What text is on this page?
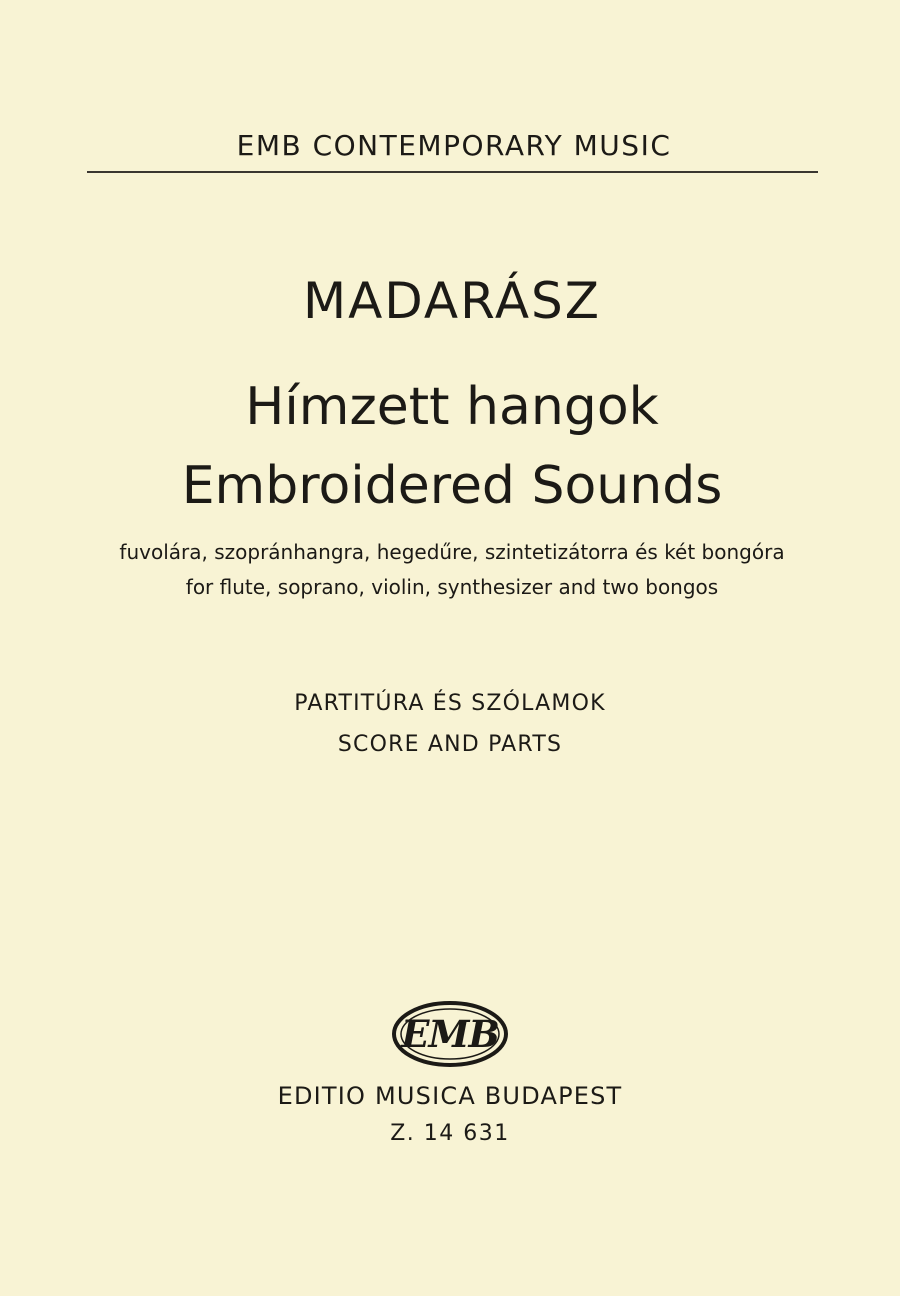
EMB CONTEMPORARY MUSIC
MADARÁSZ
Hímzett hangok
Embroidered Sounds
fuvolára, szopránhangra, hegedűre, szintetizátorra és két bongóra
for flute, soprano, violin, synthesizer and two bongos
PARTITÚRA ÉS SZÓLAMOK
SCORE AND PARTS
EMB
EDITIO MUSICA BUDAPEST
Z. 14 631
